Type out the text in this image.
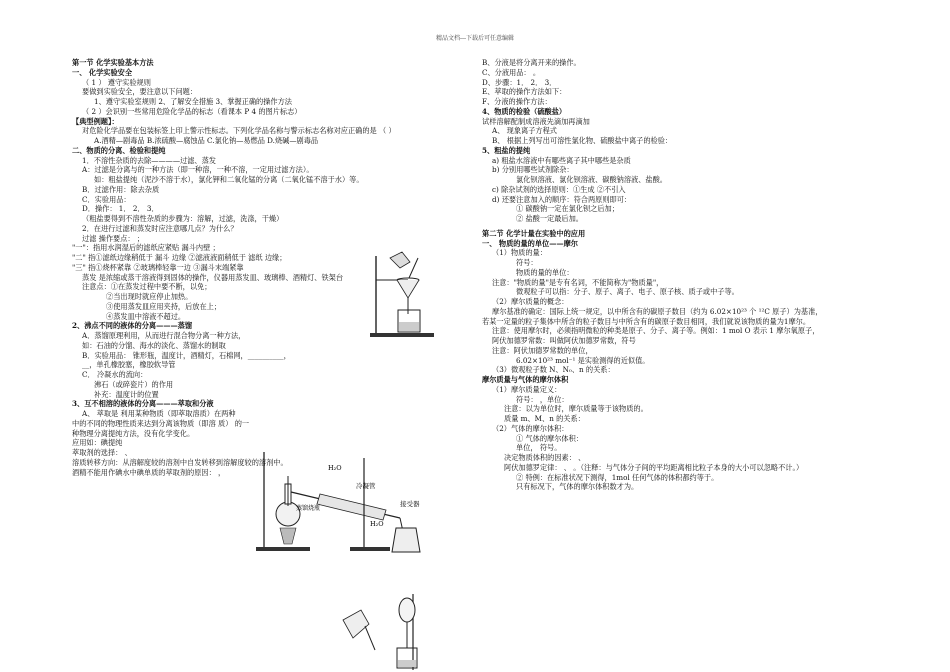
精品文档---下载后可任意编辑
第一节 化学实验基本方法
一、 化学实验安全
（ 1 ） 遵守实验规则
要做到实验安全，要注意以下问题：
1、遵守实验室规则 2、了解安全措施 3、掌握正确的操作方法
（ 2 ）会识别一些常用危险化学品的标志（看课本 P 4 的图片标志）
【典型例题】：
对危险化学品要在包装标签上印上警示性标志。下列化学品名称与警示标志名称对应正确的是 （ ）
A.酒精—剧毒品 B.浓硫酸—腐蚀品 C.氯化钠—易燃品 D.烧碱—剧毒品
二、物质的分离、检验和提纯
1．不溶性杂质的去除————过滤、蒸发
A：过滤是分离与的一种方法（即一种溶，一种不溶，一定用过滤方法）。
如：粗盐提纯（泥沙不溶于水），氯化钾和二氧化锰的分离（二氧化锰不溶于水）等。
B．过滤作用：除去杂质
C．实验用品：
D．操作： 1． 2． 3．
（粗盐要得到不溶性杂质的步骤为：溶解，过滤，洗涤，干燥）
2．在进行过滤和蒸发时应注意哪几点？为什么？
过滤 操作要点： ；
"一"：指用水润湿后的滤纸应紧贴 漏斗内壁 ；
"二" 指①滤纸边缘稍低于 漏斗 边缘 ②滤液液面稍低于 滤纸 边缘；
"三" 指①烧杯紧靠 ②玻璃棒轻靠一边 ③漏斗末端紧靠
蒸发 是浓缩或蒸干溶液得到固体的操作，仪器用蒸发皿、玻璃棒、酒精灯、铁架台
注意点：①在蒸发过程中要不断，以免；
②当出现时就应停止加热。
③使用蒸发皿应用夹持，后放在上；
④蒸发皿中溶液不超过。
2、沸点不同的液体的分离———蒸馏
A．蒸馏原理利用，从而进行混合物分离一种方法，
如：石油的分馏、海水的淡化、蒸馏水的制取
B．实验用品： 锥形瓶，温度计，酒精灯，石棉网，__________，
__，单孔橡胶塞，橡胶软导管
C． 冷凝水的流向：
沸石（或碎瓷片）的作用
补充：温度计的位置
3、互不相溶的液体的分离———萃取和分液
A、 萃取是 利用某种物质（即萃取溶质）在两种
中的不同的物理性质来达到分离该物质（即溶 质） 的一
种物理分离提纯方法，没有化学变化。
应用如：碘提纯
萃取剂的选择： 、
溶质转移方向：从溶解度较的溶剂中自发转移到溶解度较的溶剂中。
酒精不能用作碘水中碘单质的萃取剂的原因： ，
B、分液是将分离开来的操作。
C、分液用品： 。
D、步骤：1． 2． 3．
E、萃取的操作方法如下：
F、分液的操作方法：
4、物质的检验（硫酸盐）
试样溶解配制成溶液先滴加再滴加
A、 现象离子方程式
B、 根据上列写出可溶性氯化物、硫酸盐中离子的检验：
5、粗盐的提纯
a) 粗盐水溶液中有哪些离子其中哪些是杂质
b) 分别用哪些试剂除杂：
氯化钡溶液、氯化钡溶液、碳酸钠溶液、盐酸。
c) 除杂试剂的选择原则：①生成 ②不引入
d) 还要注意加入的顺序：符合两原则即可：
① 碳酸钠一定在氯化钡之后加；
② 盐酸一定最后加。
第二节 化学计量在实验中的应用
一、 物质的量的单位——摩尔
（1）物质的量：
符号：
物质的量的单位：
注意："物质的量"是专有名词，不能简称为"物质量"，
微观粒子可以指：分子、原子、离子、电子、原子核、质子或中子等。
（2）摩尔质量的概念：
摩尔基准的确定：国际上统一规定，以中所含有的碳原子数目（约为 6.02×10²³ 个 ¹²C 原子）为基准，
若某一定量的粒子集体中所含的粒子数目与中所含有的碳原子数目相同，我们就说该物质的量为1摩尔。
注意：使用摩尔时，必须指明微粒的种类是原子、分子、离子等。例如：1 mol O 表示 1 摩尔氧原子，
阿伏加德罗常数：叫做阿伏加德罗常数，符号
注意：阿伏加德罗常数的单位，
6.02×10²³ mol⁻¹ 是实验测得的近似值。
（3）微观粒子数 N、N₀、n 的关系：
摩尔质量与气体的摩尔体积
（1）摩尔质量定义：
符号： ，单位：
注意：以为单位时，摩尔质量等于该物质的。
质量 m、M、n 的关系：
（2）气体的摩尔体积：
① 气体的摩尔体积：
单位， 符号。
决定物质体积的因素： 、
阿伏加德罗定律： 、 。（注释：与气体分子间的平均距离相比粒子本身的大小可以忽略不计。）
② 特例：在标准状况下测得，1mol 任何气体的体积都约等于。
只有标况下，气体的摩尔体积数才为。
H₂O
冷凝管
接受器
蒸馏烧瓶
H₂O
